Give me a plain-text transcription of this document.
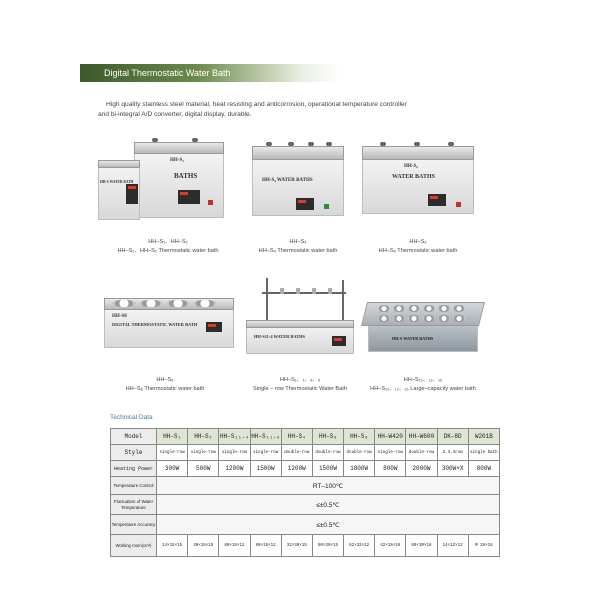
Digital Thermostatic Water Bath
High quality stainless steel material, heat resisting and anticorrosion, operational temperature controller
and bi-integral A/D converter, digital display, durable.
HH-S₂
BATHS
HH-S WATER BATH
HH–S₁、HH–S₂
HH–S₁、HH–S₂ Thermostatic water bath
HH-S₄ WATER BATHS
HH–S₄
HH–S₄ Thermostatic water bath
HH-S₆
WATER BATHS
HH–S₆
HH–S₆ Thermostatic water bath
HH-S8
DIGITAL THERMOSTATIC WATER BATH
HH–S₈
HH–S₈ Thermostatic water bath
HH-S11-4 WATER BATHS
HH–S₁、₂、₄、₆
Single – row Thermostatic Water Bath
HH-S WATER BATHS
HH–S₁₀、₁₂、₁₆
HH–S₁₀、₁₂、₁₆ Large–capacity water bath
Technical Data
Model	HH–S₁	HH–S₂	HH–S₁₁.₄	HH–S₁₁.₆	HH–S₄	HH–S₆	HH–S₈	HH–W420	HH–W600	DK–8D	W201B
Style	single-row	single-row	single-row	single-row	double-row	double-row	double-row	single-row	double-row	2.3.4row	single bath
Heating Power	300W	500W	1200W	1500W	1200W	1500W	1800W	800W	2000W	300W×X	800W
Temperature Control	RT–100℃										
Fluctuation of Water Temperature	≤±0.5℃										
Temperature Accuracy	≤±0.5℃										
Working room(cm³)	14×15×15	30×15×15	60×15×12	90×15×12	32×30×15	50×30×15	62×32×12	42×15×16	60×30×16	14×12×12	Φ 26×16
